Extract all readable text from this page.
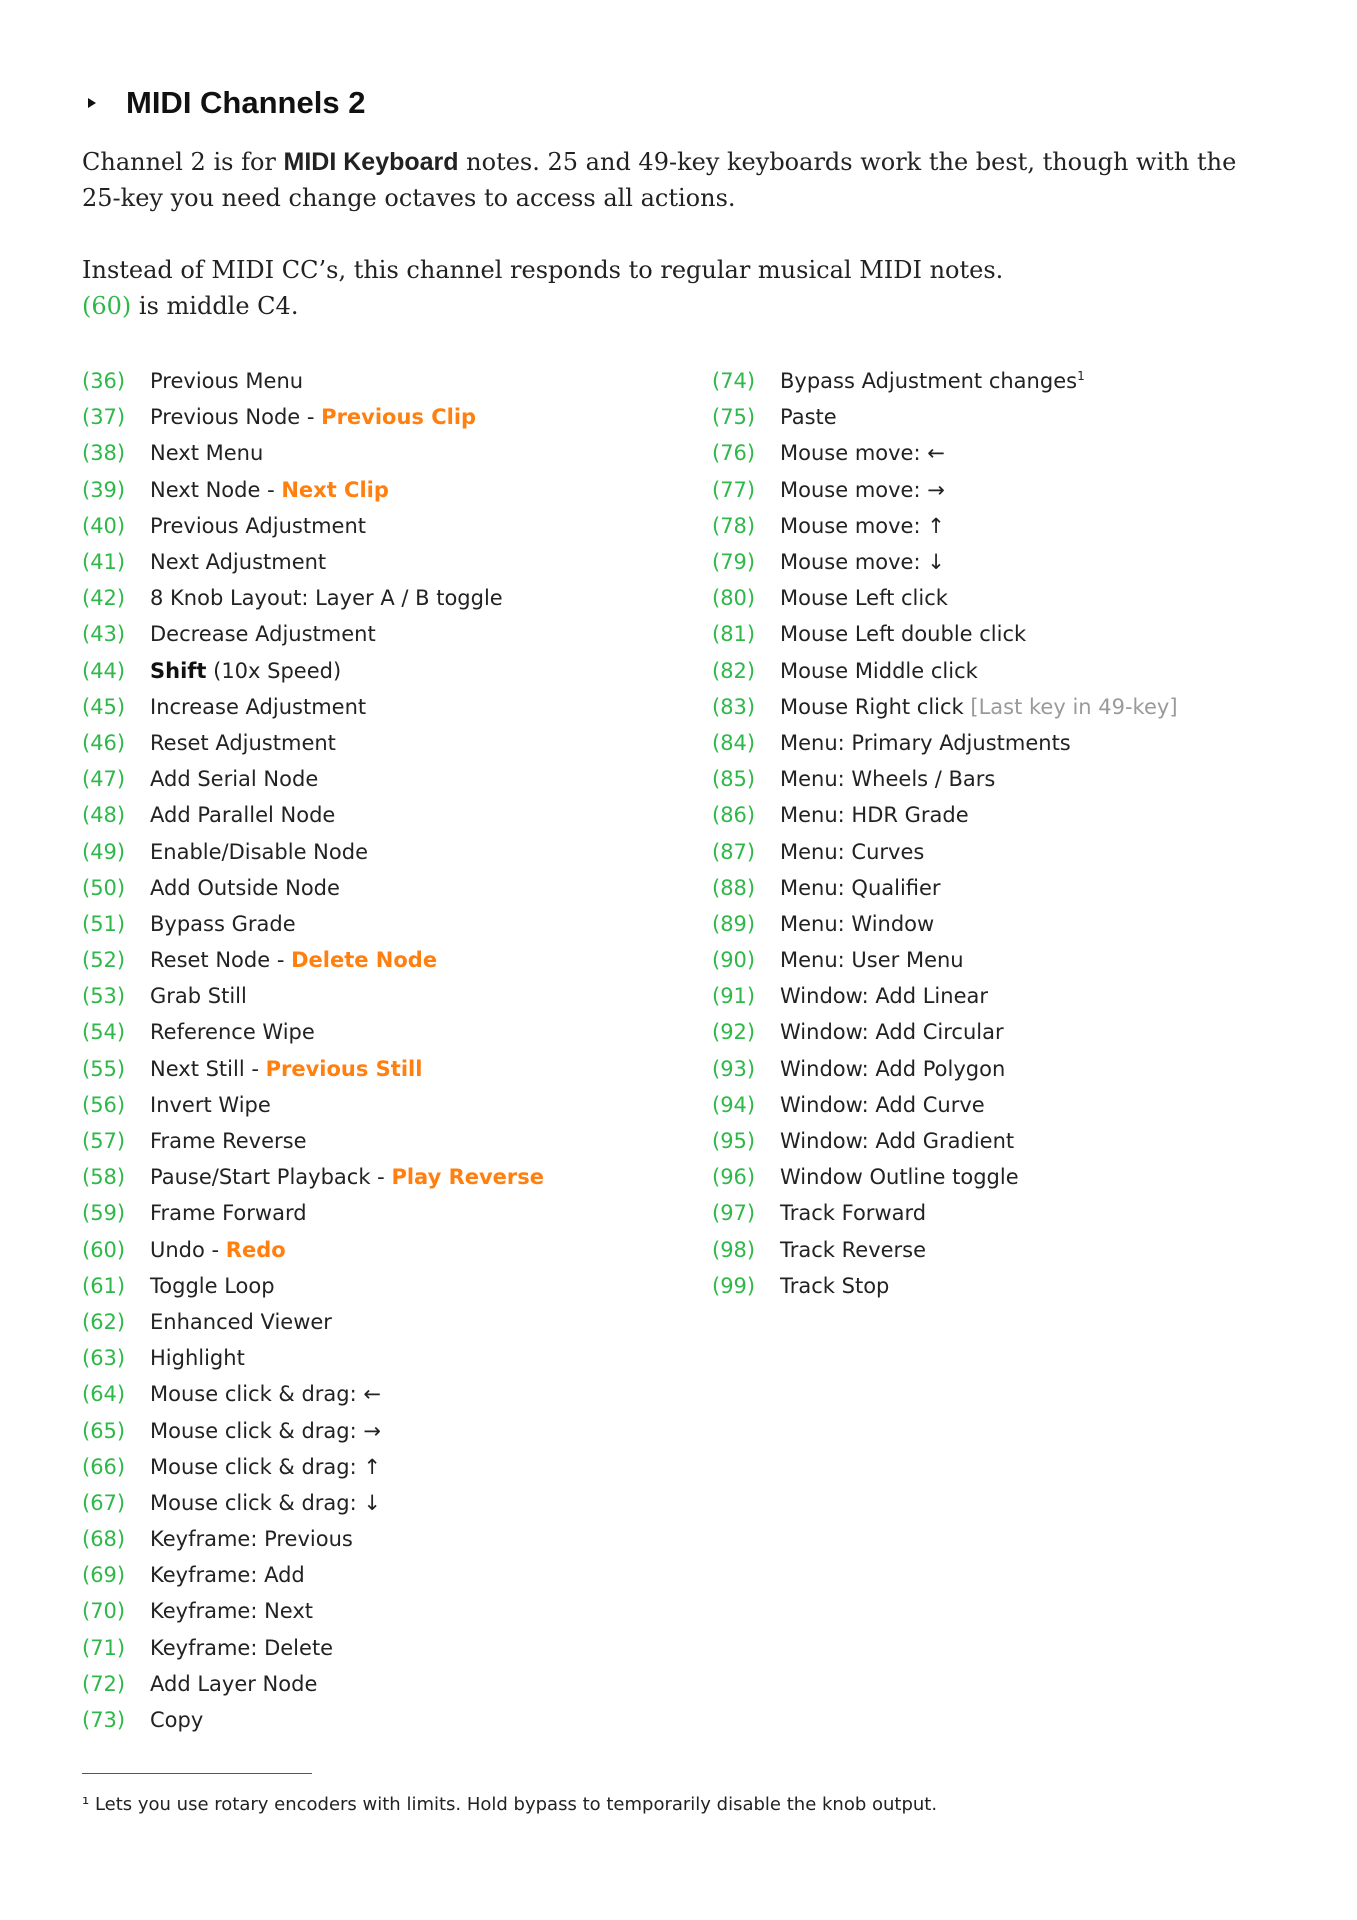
MIDI Channels 2

Channel 2 is for MIDI Keyboard notes. 25 and 49-key keyboards work the best, though with the 25-key you need change octaves to access all actions.

Instead of MIDI CC’s, this channel responds to regular musical MIDI notes.
(60) is middle C4.

(36)	Previous Menu
(37)	Previous Node - Previous Clip
(38)	Next Menu
(39)	Next Node - Next Clip
(40)	Previous Adjustment
(41)	Next Adjustment
(42)	8 Knob Layout: Layer A / B toggle
(43)	Decrease Adjustment
(44)	Shift (10x Speed)
(45)	Increase Adjustment
(46)	Reset Adjustment
(47)	Add Serial Node
(48)	Add Parallel Node
(49)	Enable/Disable Node
(50)	Add Outside Node
(51)	Bypass Grade
(52)	Reset Node - Delete Node
(53)	Grab Still
(54)	Reference Wipe
(55)	Next Still - Previous Still
(56)	Invert Wipe
(57)	Frame Reverse
(58)	Pause/Start Playback - Play Reverse
(59)	Frame Forward
(60)	Undo - Redo
(61)	Toggle Loop
(62)	Enhanced Viewer
(63)	Highlight
(64)	Mouse click & drag: ←
(65)	Mouse click & drag: →
(66)	Mouse click & drag: ↑
(67)	Mouse click & drag: ↓
(68)	Keyframe: Previous
(69)	Keyframe: Add
(70)	Keyframe: Next
(71)	Keyframe: Delete
(72)	Add Layer Node
(73)	Copy
(74)	Bypass Adjustment changes$^1$
(75)	Paste
(76)	Mouse move: ←
(77)	Mouse move: →
(78)	Mouse move: ↑
(79)	Mouse move: ↓
(80)	Mouse Left click
(81)	Mouse Left double click
(82)	Mouse Middle click
(83)	Mouse Right click [Last key in 49-key]
(84)	Menu: Primary Adjustments
(85)	Menu: Wheels / Bars
(86)	Menu: HDR Grade
(87)	Menu: Curves
(88)	Menu: Qualifier
(89)	Menu: Window
(90)	Menu: User Menu
(91)	Window: Add Linear
(92)	Window: Add Circular
(93)	Window: Add Polygon
(94)	Window: Add Curve
(95)	Window: Add Gradient
(96)	Window Outline toggle
(97)	Track Forward
(98)	Track Reverse
(99)	Track Stop
¹ Lets you use rotary encoders with limits. Hold bypass to temporarily disable the knob output.
